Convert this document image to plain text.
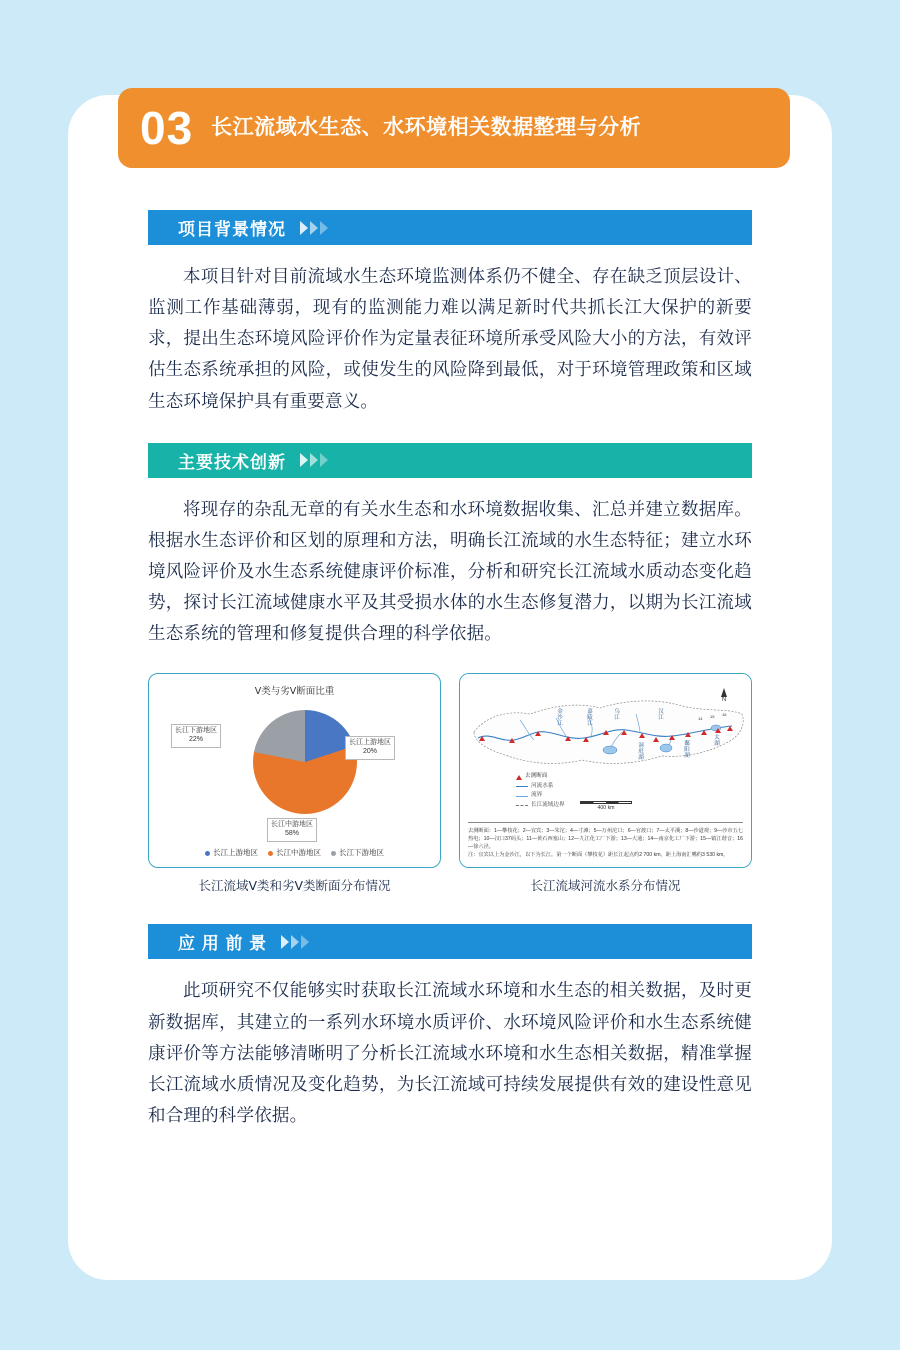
03 长江流域水生态、水环境相关数据整理与分析
项目背景情况
本项目针对目前流域水生态环境监测体系仍不健全、存在缺乏顶层设计、监测工作基础薄弱，现有的监测能力难以满足新时代共抓长江大保护的新要求，提出生态环境风险评价作为定量表征环境所承受风险大小的方法，有效评估生态系统承担的风险，或使发生的风险降到最低，对于环境管理政策和区域生态环境保护具有重要意义。
主要技术创新
将现存的杂乱无章的有关水生态和水环境数据收集、汇总并建立数据库。根据水生态评价和区划的原理和方法，明确长江流域的水生态特征；建立水环境风险评价及水生态系统健康评价标准，分析和研究长江流域水质动态变化趋势，探讨长江流域健康水平及其受损水体的水生态修复潜力，以期为长江流域生态系统的管理和修复提供合理的科学依据。
Ⅴ类与劣Ⅴ断面比重
长江上游地区
20%
长江中游地区
58%
长江下游地区
22%
长江上游地区	长江中游地区	长江下游地区
长江流域Ⅴ类和劣Ⅴ类断面分布情况
14 15 16
金沙江	嘉陵江	乌江
洞庭湖
汉江
鄱阳湖	太湖
N
去测断面
河流水系
流界
长江流域边界
400 km
去测断面：1—攀枝花；2—宜宾；3—朱沱；4—寸滩；5—万州沱口；6—官渡口；7—太平溪；8—沙道观；9—沙市五七热电；10—汉口37码头；11—黄石西塞山；12—九江化工厂下游；13—大通；14—南京化工厂下游；15—镇江谐音；16—徐六泾。
注：宜宾以上为金沙江，以下为长江。第一个断面（攀枝花）距长江起点约2 700 km，距上海南汇嘴约3 530 km。
长江流域河流水系分布情况
应 用 前 景
此项研究不仅能够实时获取长江流域水环境和水生态的相关数据，及时更新数据库，其建立的一系列水环境水质评价、水环境风险评价和水生态系统健康评价等方法能够清晰明了分析长江流域水环境和水生态相关数据，精准掌握长江流域水质情况及变化趋势，为长江流域可持续发展提供有效的建设性意见和合理的科学依据。
